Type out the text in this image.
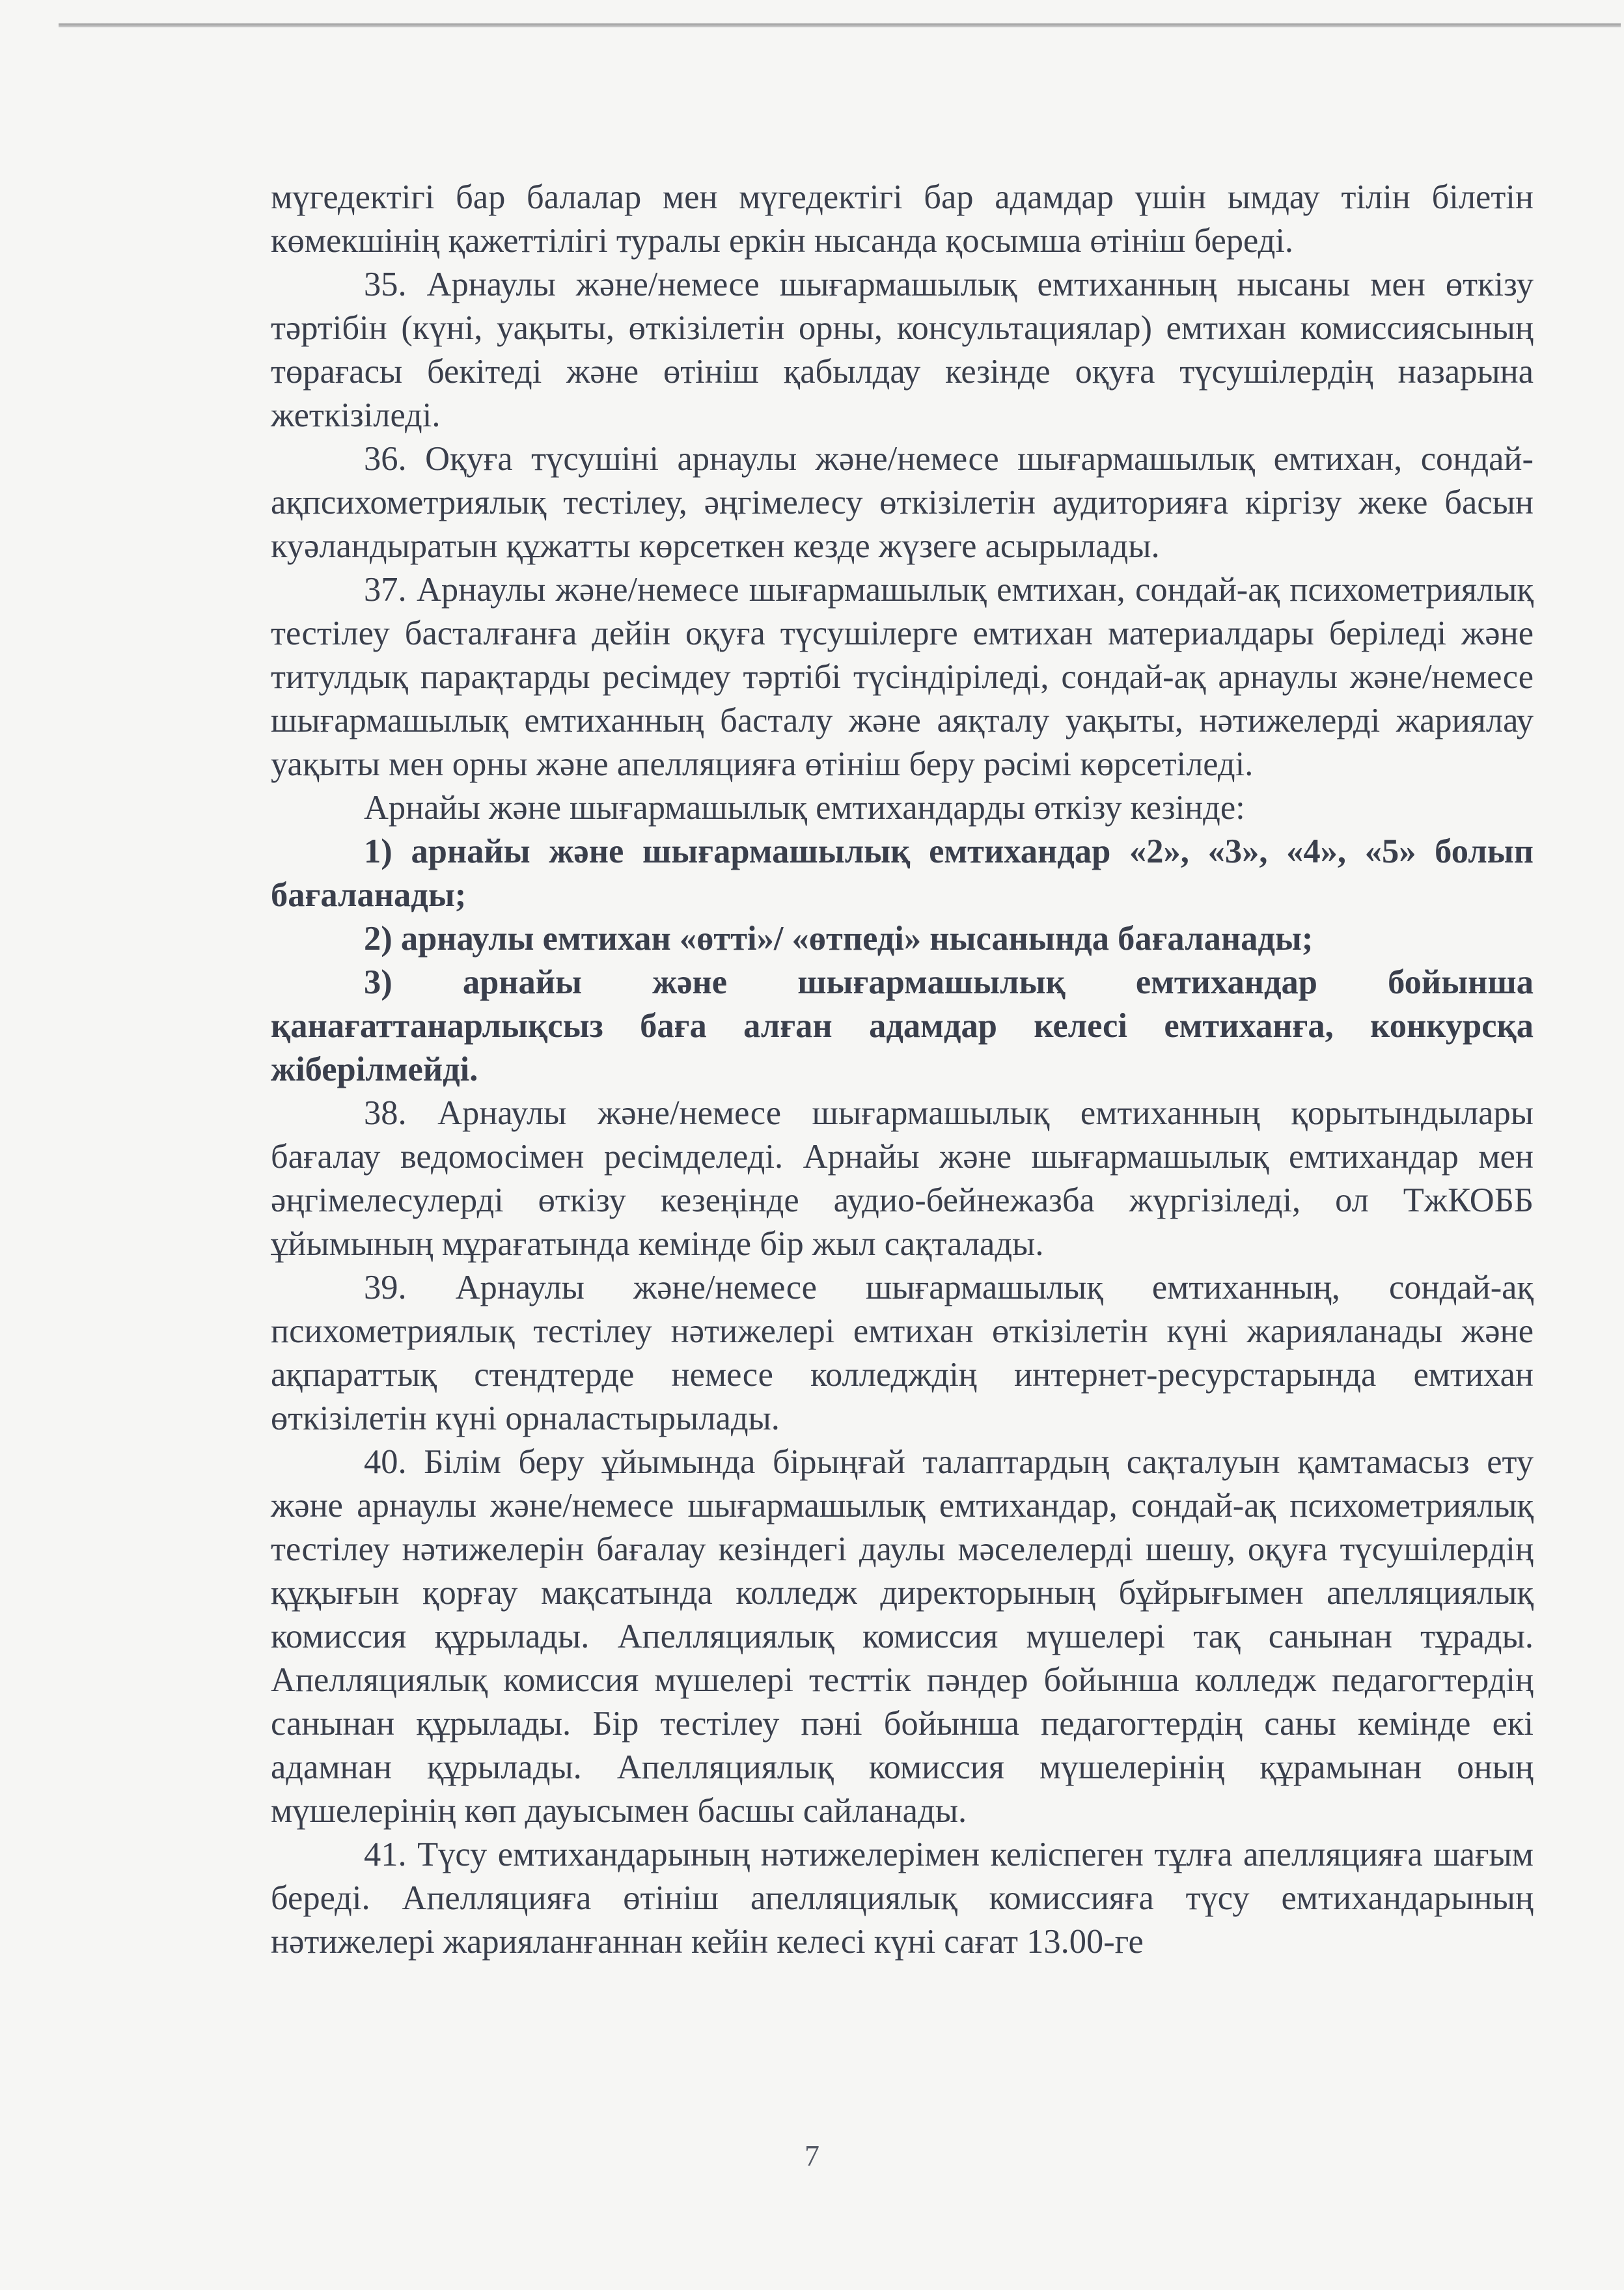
мүгедектігі бар балалар мен мүгедектігі бар адамдар үшін ымдау тілін білетін көмекшінің қажеттілігі туралы еркін нысанда қосымша өтініш береді.

35. Арнаулы және/немесе шығармашылық емтиханның нысаны мен өткізу тәртібін (күні, уақыты, өткізілетін орны, консультациялар) емтихан комиссиясының төрағасы бекітеді және өтініш қабылдау кезінде оқуға түсушілердің назарына жеткізіледі.

36. Оқуға түсушіні арнаулы және/немесе шығармашылық емтихан, сондай-ақпсихометриялық тестілеу, әңгімелесу өткізілетін аудиторияға кіргізу жеке басын куәландыратын құжатты көрсеткен кезде жүзеге асырылады.

37. Арнаулы және/немесе шығармашылық емтихан, сондай-ақ психометриялық тестілеу басталғанға дейін оқуға түсушілерге емтихан материалдары беріледі және титулдық парақтарды ресімдеу тәртібі түсіндіріледі, сондай-ақ арнаулы және/немесе шығармашылық емтиханның басталу және аяқталу уақыты, нәтижелерді жариялау уақыты мен орны және апелляцияға өтініш беру рәсімі көрсетіледі.

Арнайы және шығармашылық емтихандарды өткізу кезінде:

1) арнайы және шығармашылық емтихандар «2», «3», «4», «5» болып бағаланады;

2) арнаулы емтихан «өтті»/ «өтпеді» нысанында бағаланады;

3) арнайы және шығармашылық емтихандар бойынша қанағаттанарлықсыз баға алған адамдар келесі емтиханға, конкурсқа жіберілмейді.

38. Арнаулы және/немесе шығармашылық емтиханның қорытындылары бағалау ведомосімен ресімделеді. Арнайы және шығармашылық емтихандар мен әңгімелесулерді өткізу кезеңінде аудио-бейнежазба жүргізіледі, ол ТжКОББ ұйымының мұрағатында кемінде бір жыл сақталады.

39. Арнаулы және/немесе шығармашылық емтиханның, сондай-ақ психометриялық тестілеу нәтижелері емтихан өткізілетін күні жарияланады және ақпараттық стендтерде немесе колледждің интернет-ресурстарында емтихан өткізілетін күні орналастырылады.

40. Білім беру ұйымында бірыңғай талаптардың сақталуын қамтамасыз ету және арнаулы және/немесе шығармашылық емтихандар, сондай-ақ психометриялық тестілеу нәтижелерін бағалау кезіндегі даулы мәселелерді шешу, оқуға түсушілердің құқығын қорғау мақсатында колледж директорының бұйрығымен апелляциялық комиссия құрылады. Апелляциялық комиссия мүшелері тақ санынан тұрады. Апелляциялық комиссия мүшелері тесттік пәндер бойынша колледж педагогтердің санынан құрылады. Бір тестілеу пәні бойынша педагогтердің саны кемінде екі адамнан құрылады. Апелляциялық комиссия мүшелерінің құрамынан оның мүшелерінің көп дауысымен басшы сайланады.

41. Түсу емтихандарының нәтижелерімен келіспеген тұлға апелляцияға шағым береді. Апелляцияға өтініш апелляциялық комиссияға түсу емтихандарының нәтижелері жарияланғаннан кейін келесі күні сағат 13.00-ге

7
